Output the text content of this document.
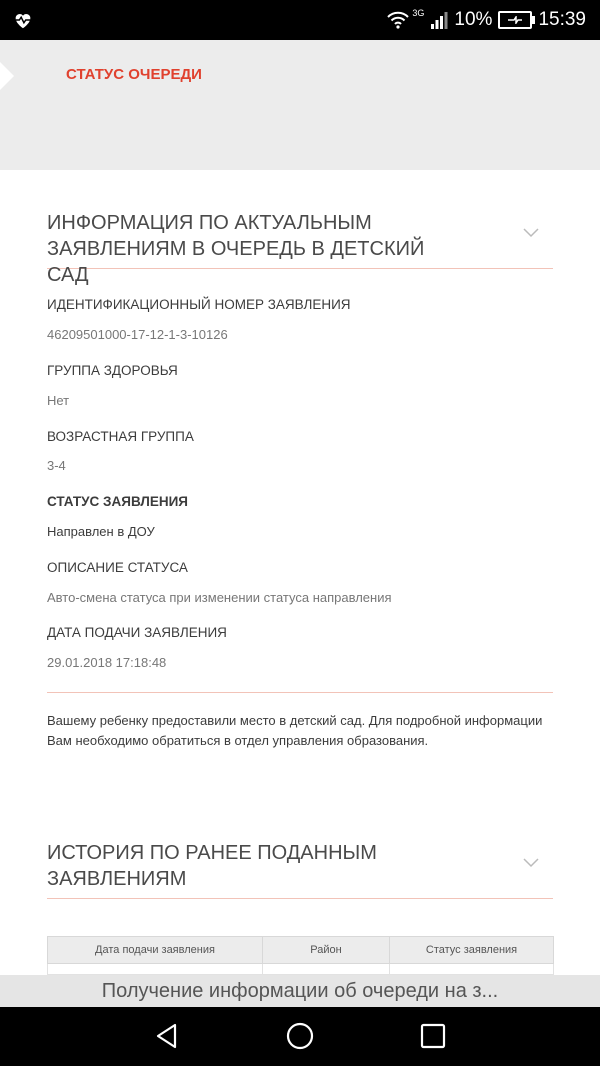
3G 10% 15:39
СТАТУС ОЧЕРЕДИ
ИНФОРМАЦИЯ ПО АКТУАЛЬНЫМ ЗАЯВЛЕНИЯМ В ОЧЕРЕДЬ В ДЕТСКИЙ САД
ИДЕНТИФИКАЦИОННЫЙ НОМЕР ЗАЯВЛЕНИЯ
46209501000-17-12-1-3-10126
ГРУППА ЗДОРОВЬЯ
Нет
ВОЗРАСТНАЯ ГРУППА
3-4
СТАТУС ЗАЯВЛЕНИЯ
Направлен в ДОУ
ОПИСАНИЕ СТАТУСА
Авто-смена статуса при изменении статуса направления
ДАТА ПОДАЧИ ЗАЯВЛЕНИЯ
29.01.2018 17:18:48
Вашему ребенку предоставили место в детский сад. Для подробной информации Вам необходимо обратиться в отдел управления образования.
ИСТОРИЯ ПО РАНЕЕ ПОДАННЫМ ЗАЯВЛЕНИЯМ
Дата подачи заявления	Район	Статус заявления

Получение информации об очереди на з...
